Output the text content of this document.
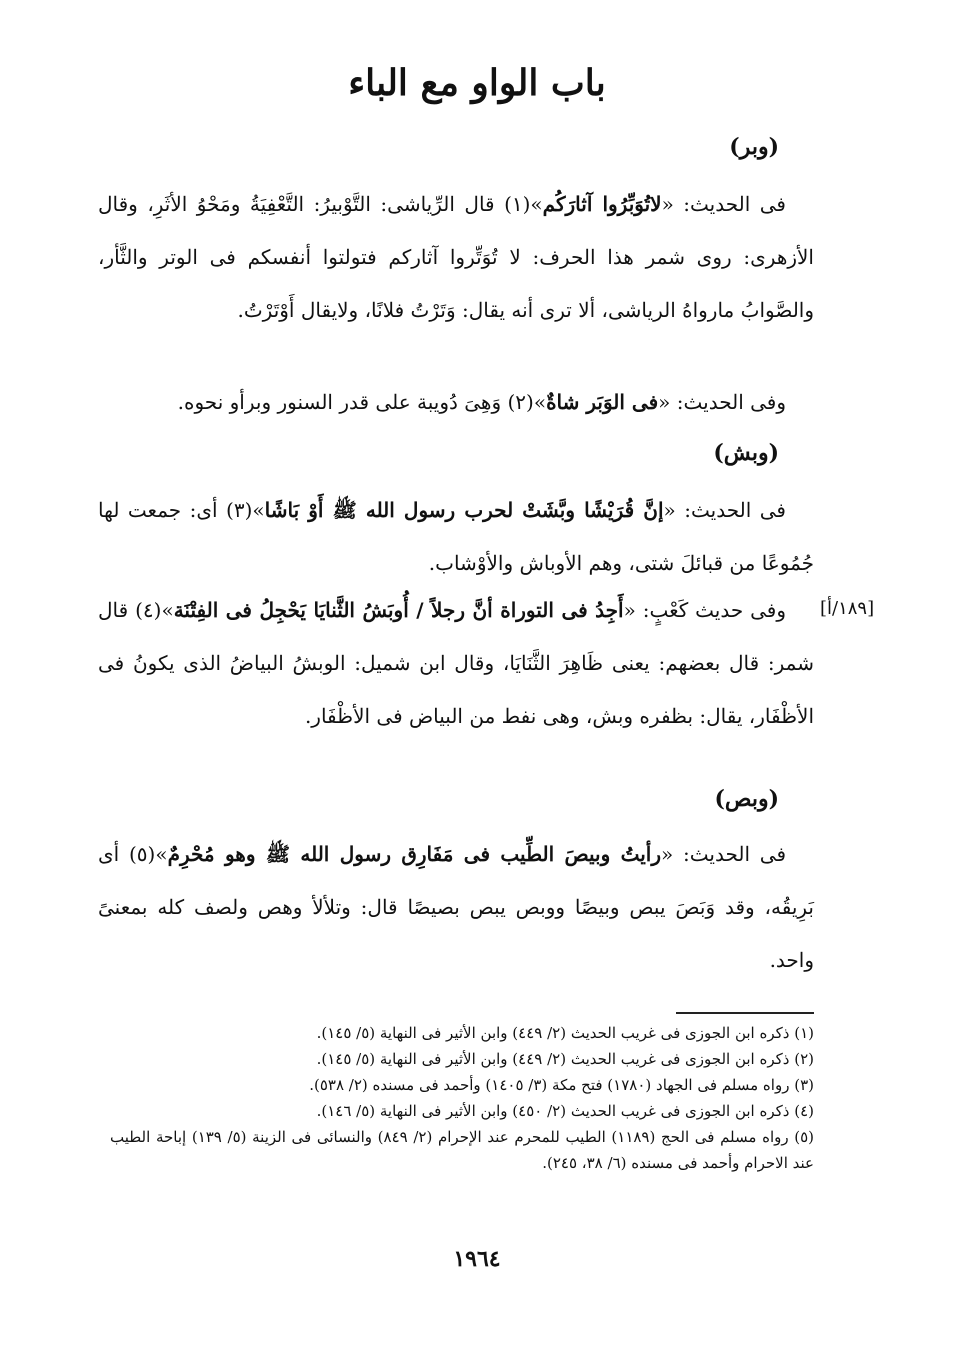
باب الواو مع الباء
(وبر)
فى الحديث: «لاتُوَبِّرُوا آثارَكُم»(١) قال الرِّياشى: التَّوْبيرُ: التَّعْفِيَةُ ومَحْوُ الأثَرِ، وقال الأزهرى: روى شمر هذا الحرف: لا تُوَتِّروا آثاركم فتولتوا أنفسكم فى الوتر والثَّأر، والصَّوابُ مارواهُ الرياشى، ألا ترى أنه يقال: وَتَرْتُ فلانًا، ولايقال أَوْتَرْتُ.
وفى الحديث: «فى الوَبَر شاةٌ»(٢) وَهِىَ دُويبة على قدر السنور وبرأو نحوه.
(وبش)
فى الحديث: «إنَّ قُرَيْشًا وبَّشَتْ لحرب رسول الله ﷺ أَوْ بَاشًا»(٣) أى: جمعت لها جُمُوعًا من قبائلَ شتى، وهم الأوباش والأوْشاب.
[١٨٩/أ]
وفى حديث كَعْبٍ: «أَجِدُ فى التوراة أنَّ رجلاً / أُوبَشُ الثَّنايَا يَحْجِلُ فى الفِتْنَة»(٤) قال شمر: قال بعضهم: يعنى ظَاهِرَ الثَّنَايَا، وقال ابن شميل: الوبشُ البياضُ الذى يكونُ فى الأظْفَار، يقال: بظفره وبش، وهى نفط من البياض فى الأظْفَار.
(وبص)
فى الحديث: «رأيتُ وبيصَ الطِّيب فى مَفَارِق رسول الله ﷺ وهو مُحْرِمٌ»(٥) أى بَرِيقُه، وقد وَبَصَ يبص وبيصًا ووبص يبص بصيصًا قال: وتلألأ وهص ولصف كله بمعنىً واحد.

(١) ذكره ابن الجوزى فى غريب الحديث (٢/ ٤٤٩) وابن الأثير فى النهاية (٥/ ١٤٥).

(٢) ذكره ابن الجوزى فى غريب الحديث (٢/ ٤٤٩) وابن الأثير فى النهاية (٥/ ١٤٥).

(٣) رواه مسلم فى الجهاد (١٧٨٠) فتح مكة (٣/ ١٤٠٥) وأحمد فى مسنده (٢/ ٥٣٨).

(٤) ذكره ابن الجوزى فى غريب الحديث (٢/ ٤٥٠) وابن الأثير فى النهاية (٥/ ١٤٦).

(٥) رواه مسلم فى الحج (١١٨٩) الطيب للمحرم عند الإحرام (٢/ ٨٤٩) والنسائى فى الزينة (٥/ ١٣٩) إباحة الطيب عند الاحرام وأحمد فى مسنده (٦/ ٣٨، ٢٤٥).

١٩٦٤
